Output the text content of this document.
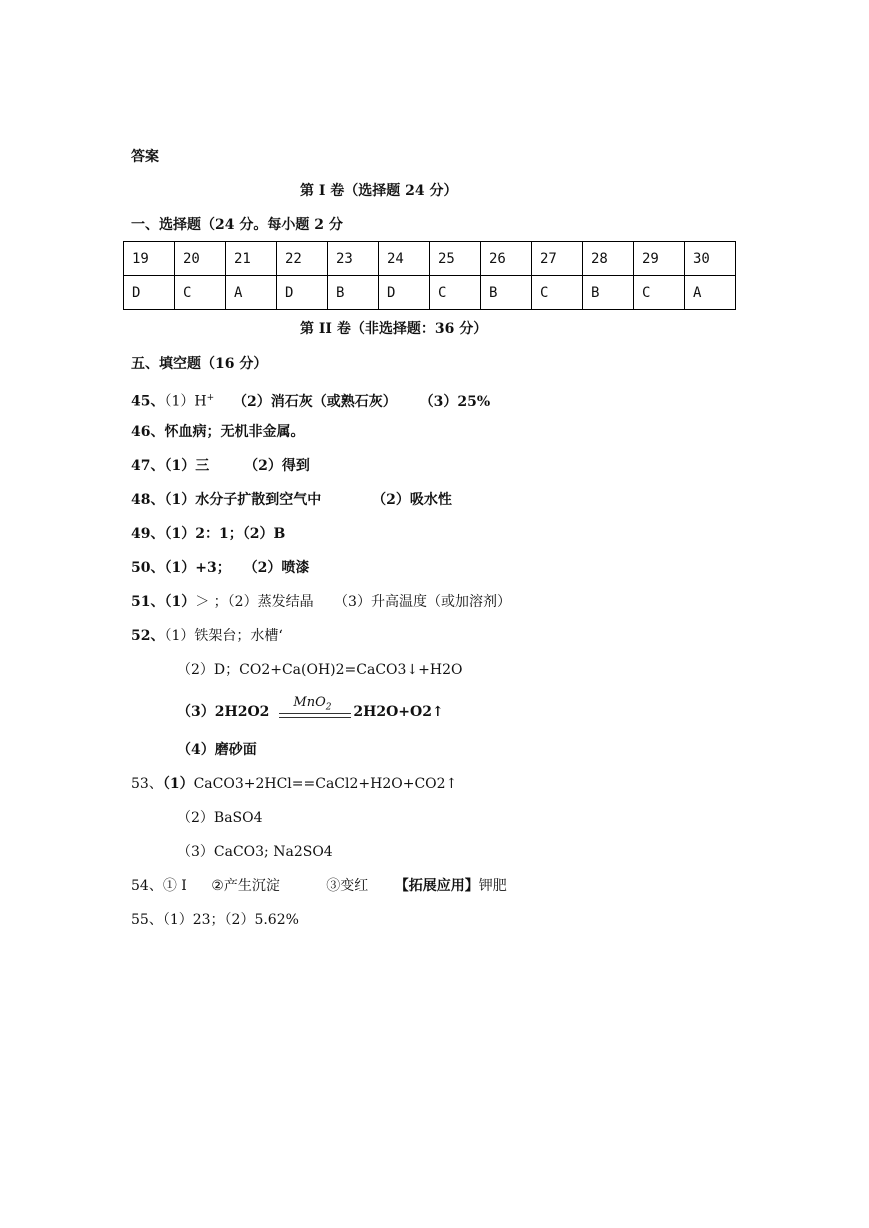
答案
第 I 卷（选择题 24 分）
一、选择题（24 分。每小题 2 分
19	20	21	22	23	24	25	26	27	28	29	30
D	C	A	D	B	D	C	B	C	B	C	A
第 II 卷（非选择题：36 分）
五、填空题（16 分）
45、（1）H+ （2）消石灰（或熟石灰） （3）25%
46、怀血病；无机非金属。
47、（1）三 （2）得到
48、（1）水分子扩散到空气中	（2）吸水性
49、（1）2：1；（2）B
50、（1）+3； （2）喷漆
51、（1）＞ ；（2）蒸发结晶 （3）升高温度（或加溶剂）
52、（1）铁架台；水槽‘
（2）D；CO2+Ca(OH)2=CaCO3↓+H2O
（3）2H2O2
MnO$_2$ 2H2O+O2↑
（4）磨砂面
53、（1）CaCO3+2HCl==CaCl2+H2O+CO2↑
（2）BaSO4
（3）CaCO3; Na2SO4
54、① I ②产生沉淀	③变红 【拓展应用】钾肥
55、（1）23；（2）5.62%
